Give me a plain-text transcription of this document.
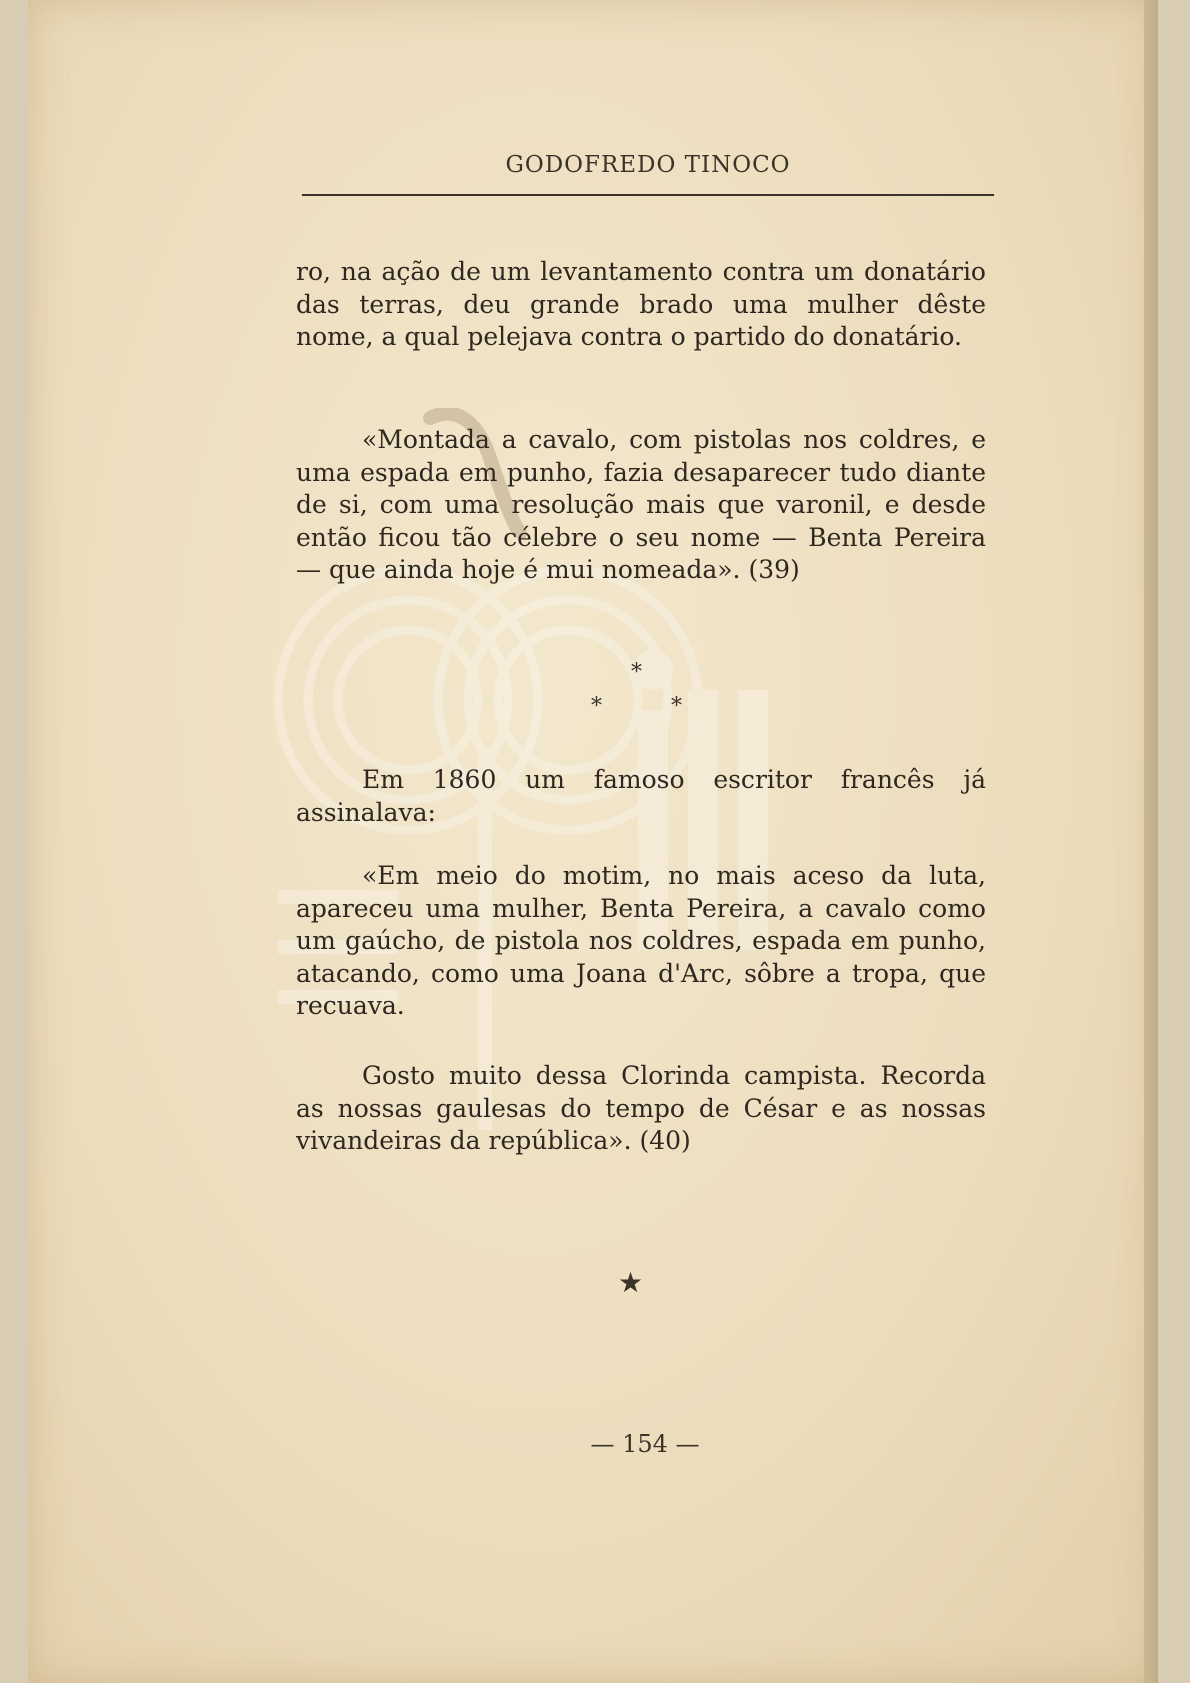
GODOFREDO TINOCO

ro, na ação de um levantamento contra um donatário das terras, deu grande brado uma mulher dêste nome, a qual pelejava contra o partido do donatário.

«Montada a cavalo, com pistolas nos coldres, e uma espada em punho, fazia desaparecer tudo diante de si, com uma resolução mais que varonil, e desde então ficou tão célebre o seu nome — Benta Pereira — que ainda hoje é mui nomeada». (39)

*
*	*

Em 1860 um famoso escritor francês já assinalava:

«Em meio do motim, no mais aceso da luta, apareceu uma mulher, Benta Pereira, a cavalo como um gaúcho, de pistola nos coldres, espada em punho, atacando, como uma Joana d'Arc, sôbre a tropa, que recuava.

Gosto muito dessa Clorinda campista. Recorda as nossas gaulesas do tempo de César e as nossas vivandeiras da república». (40)

★
— 154 —
